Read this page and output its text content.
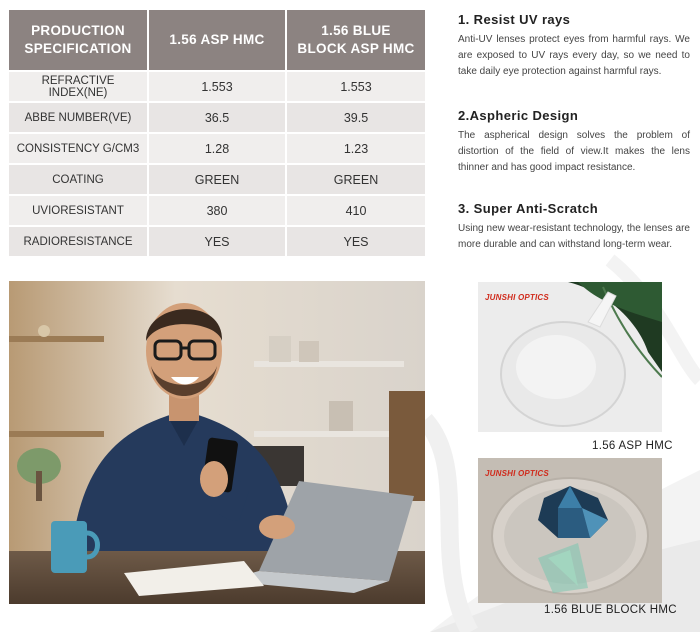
PRODUCTION
SPECIFICATION	1.56 ASP HMC	1.56 BLUE
BLOCK ASP HMC
REFRACTIVE INDEX(NE)	1.553	1.553
ABBE NUMBER(VE)	36.5	39.5
CONSISTENCY G/CM3	1.28	1.23
COATING	GREEN	GREEN
UVIORESISTANT	380	410
RADIORESISTANCE	YES	YES
1. Resist UV rays

Anti-UV lenses protect eyes from harmful rays. We are exposed to UV rays every day, so we need to take daily eye protection against harmful rays.

2.Aspheric Design

The aspherical design solves the problem of distortion of the field of view.It makes the lens thinner and has good impact resistance.

3. Super Anti-Scratch

Using new wear-resistant technology, the lenses are more durable and can withstand long-term wear.

JUNSHI OPTICS
1.56 ASP HMC
JUNSHI OPTICS
1.56 BLUE BLOCK HMC
